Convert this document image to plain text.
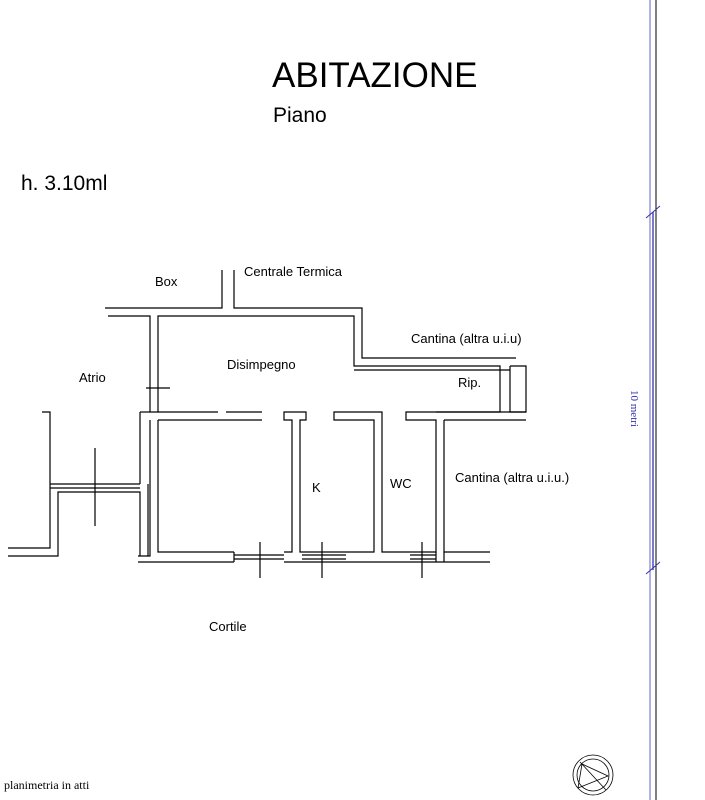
ABITAZIONE
Piano
h. 3.10ml
Box
Centrale Termica
Cantina (altra u.i.u)
Atrio
Disimpegno
Rip.
K	WC	Cantina (altra u.i.u.)
Cortile
10 metri
planimetria in atti
